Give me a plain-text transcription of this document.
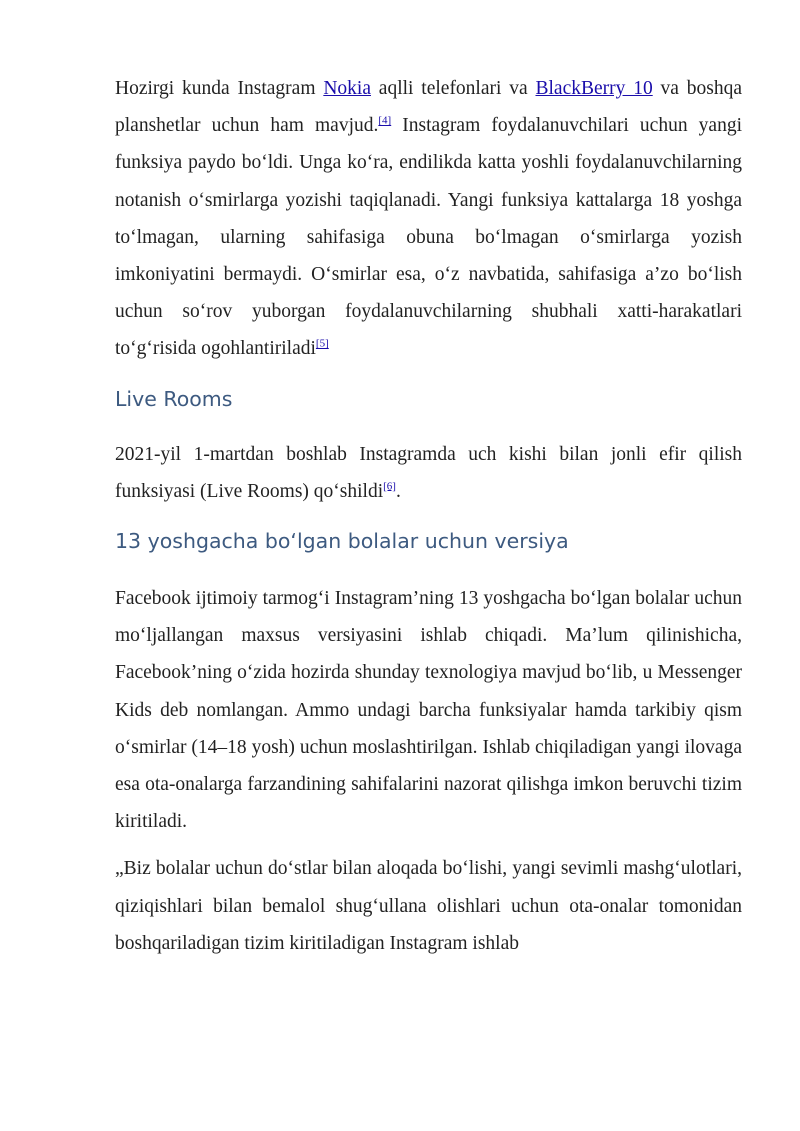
Hozirgi kunda Instagram Nokia aqlli telefonlari va BlackBerry 10 va boshqa planshetlar uchun ham mavjud.[4] Instagram foydalanuvchilari uchun yangi funksiya paydo bo‘ldi. Unga ko‘ra, endilikda katta yoshli foydalanuvchilarning notanish o‘smirlarga yozishi taqiqlanadi. Yangi funksiya kattalarga 18 yoshga to‘lmagan, ularning sahifasiga obuna bo‘lmagan o‘smirlarga yozish imkoniyatini bermaydi. O‘smirlar esa, o‘z navbatida, sahifasiga a’zo bo‘lish uchun so‘rov yuborgan foydalanuvchilarning shubhali xatti-harakatlari to‘g‘risida ogohlantiriladi[5]

Live Rooms

2021-yil 1-martdan boshlab Instagramda uch kishi bilan jonli efir qilish funksiyasi (Live Rooms) qo‘shildi[6].

13 yoshgacha bo‘lgan bolalar uchun versiya

Facebook ijtimoiy tarmog‘i Instagram’ning 13 yoshgacha bo‘lgan bolalar uchun mo‘ljallangan maxsus versiyasini ishlab chiqadi. Ma’lum qilinishicha, Facebook’ning o‘zida hozirda shunday texnologiya mavjud bo‘lib, u Messenger Kids deb nomlangan. Ammo undagi barcha funksiyalar hamda tarkibiy qism o‘smirlar (14–18 yosh) uchun moslashtirilgan. Ishlab chiqiladigan yangi ilovaga esa ota-onalarga farzandining sahifalarini nazorat qilishga imkon beruvchi tizim kiritiladi.

„Biz bolalar uchun do‘stlar bilan aloqada bo‘lishi, yangi sevimli mashg‘ulotlari, qiziqishlari bilan bemalol shug‘ullana olishlari uchun ota-onalar tomonidan boshqariladigan tizim kiritiladigan Instagram ishlab
